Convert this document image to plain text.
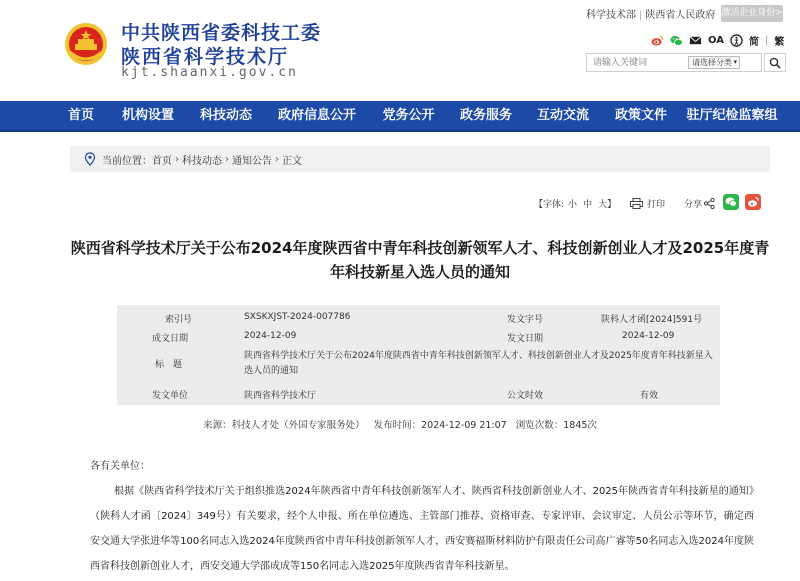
中共陕西省委科技工委
陕西省科学技术厅
kjt.shaanxi.gov.cn
科学技术部 | 陕西省人民政府 激活企业身份>
OA	简 | 繁
请输入关键词
请选择分类 ▾
首页	机构设置	科技动态	政府信息公开	党务公开	政务服务	互动交流	政策文件	驻厅纪检监察组
当前位置： 首页 › 科技动态 › 通知公告 › 正文
【字体: 小 中 大】	打印 分享
陕西省科学技术厅关于公布2024年度陕西省中青年科技创新领军人才、科技创新创业人才及2025年度青年科技新星入选人员的通知
索引号	SXSKXJST-2024-007786	发文字号	陕科人才函[2024]591号
成文日期	2024-12-09	发文日期	2024-12-09
标　题
陕西省科学技术厅关于公布2024年度陕西省中青年科技创新领军人才、科技创新创业人才及2025年度青年科技新星入选人员的通知
发文单位	陕西省科学技术厅	公文时效	有效
来源：科技人才处（外国专家服务处） 发布时间：2024-12-09 21:07 浏览次数：1845次
各有关单位：
根据《陕西省科学技术厅关于组织推选2024年陕西省中青年科技创新领军人才、陕西省科技创新创业人才、2025年陕西省青年科技新星的通知》（陕科人才函〔2024〕349号）有关要求，经个人申报、所在单位遴选、主管部门推荐、资格审查、专家评审、会议审定、人员公示等环节，确定西安交通大学张进华等100名同志入选2024年度陕西省中青年科技创新领军人才，西安赛福斯材料防护有限责任公司高广睿等50名同志入选2024年度陕西省科技创新创业人才，西安交通大学邵成成等150名同志入选2025年度陕西省青年科技新星。
